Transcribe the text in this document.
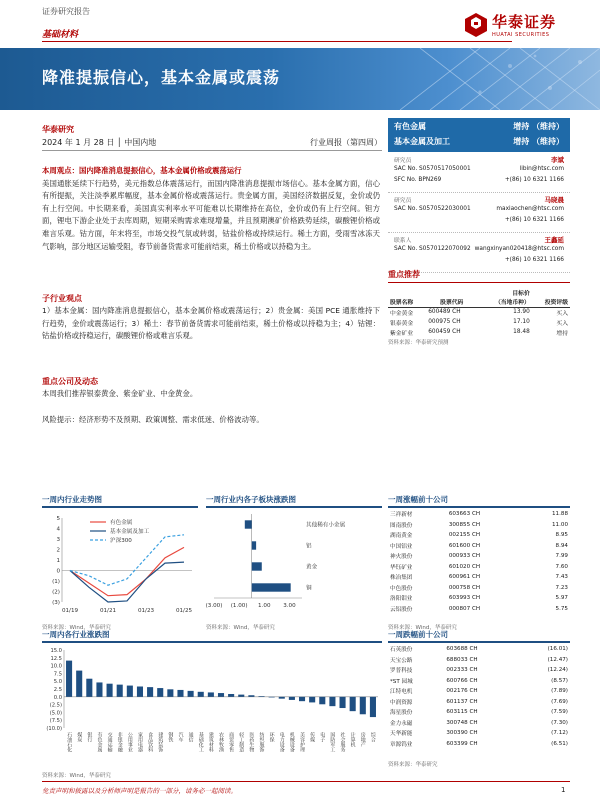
证券研究报告
基础材料
华泰证券
HUATAI SECURITIES
降准提振信心，基本金属或震荡
华泰研究
2024 年 1 月 28 日 │ 中国内地	行业周报（第四周）
有色金属	增持 （维持）
基本金属及加工	增持 （维持）
研究员	李斌
SAC No. S0570517050001
SFC No. BPN269
libin@htsc.com
+(86) 10 6321 1166
研究员	马晓晨
SAC No. S0570522030001	maxiaochen@htsc.com
+(86) 10 6321 1166
联系人	王鑫延
SAC No. S0570122070092 wangxinyan020418@htsc.com
+(86) 10 6321 1166
本周观点：国内降准消息提振信心，基本金属价格或震荡运行
美国通胀延续下行趋势，美元指数总体震荡运行，而国内降准消息提振市场信心。基本金属方面，信心有所提振，关注淡季累库幅度，基本金属价格或震荡运行。贵金属方面，美国经济数据反复，金价或仍有上行空间。中长期来看，美国真实利率水平可能难以长期维持在高位，金价或仍有上行空间。钽方面，锂电下游企业处于去库周期，短期采购需求难现增量，并且预期澳矿价格跌势延续，碳酸锂价格或难言乐观。钴方面，年末将至，市场交投气氛或转弱，钴盐价格或持续运行。稀土方面，受雨雪冰冻天气影响，部分地区运输受阻，春节前备货需求可能前结束，稀土价格或以持稳为主。
子行业观点
1）基本金属：国内降准消息提振信心，基本金属价格或震荡运行；2）贵金属：美国 PCE 通胀维持下行趋势，金价或震荡运行；3）稀土：春节前备货需求可能前结束，稀土价格或以持稳为主；4）钴锂：钴盐价格或持稳运行，碳酸锂价格或难言乐观。
重点公司及动态
本周我们推荐银泰黄金、紫金矿业、中金黄金。
风险提示：经济形势不及预期、政策调整、需求低迷、价格波动等。
重点推荐
		目标价	
股票名称	股票代码	（当地币种）	投资评级
中金黄金	600489 CH	13.90	买入
银泰黄金	000975 CH	17.10	买入
紫金矿业	600459 CH	18.48	增持
资料来源：华泰研究预测
一周内行业走势图
5
4
3
2
1
0
(1)
(2)
(3)
01/19	01/21	01/23	01/25
有色金属
基本金属及加工
沪深300
资料来源：Wind，华泰研究
一周行业内各子板块涨跌图
其他稀有小金属
铝
黄金
铜
(3.00) (1.00) 1.00 3.00
资料来源：Wind，华泰研究
一周内各行业涨跌图
15.0
12.5
10.0
7.5
5.0
2.5
0.0
(2.5)
(5.0)
(7.5)
(10.0)
石油石化 煤炭 银行 有色金属 交通运输 非银金融 公用事业 家用电器 食品饮料 建筑装饰 钢铁 汽车 通信 基础化工 建筑材料 农林牧渔 商贸零售 轻工制造 医药生物 纺织服饰 环保 电力设备 机械设备 美容护理 传媒 电子 国防军工 社会服务 计算机 房地产 综合
资料来源：Wind，华泰研究
一周涨幅前十公司
三祥新材	603663 CH	11.88
图南股份	300855 CH	11.00
湖南黄金	002155 CH	8.95
中国铝业	601600 CH	8.94
神火股份	000933 CH	7.99
华钰矿业	601020 CH	7.60
株冶集团	600961 CH	7.43
中色股份	000758 CH	7.23
洛阳钼业	603993 CH	5.97
云铝股份	000807 CH	5.75
资料来源：Wind，华泰研究
一周跌幅前十公司
石英股份	603688 CH	(16.01)
天宝公路	688033 CH	(12.47)
罗普科技	002333 CH	(12.24)
*ST 园城	600766 CH	(8.57)
江特电机	002176 CH	(7.89)
中润资源	601137 CH	(7.69)
海星股份	603115 CH	(7.59)
金力永磁	300748 CH	(7.30)
天华新能	300390 CH	(7.12)
章源钨业	603399 CH	(6.51)
资料来源：华泰研究
免责声明和披露以及分析师声明是报告的一部分，请务必一起阅读。	1
